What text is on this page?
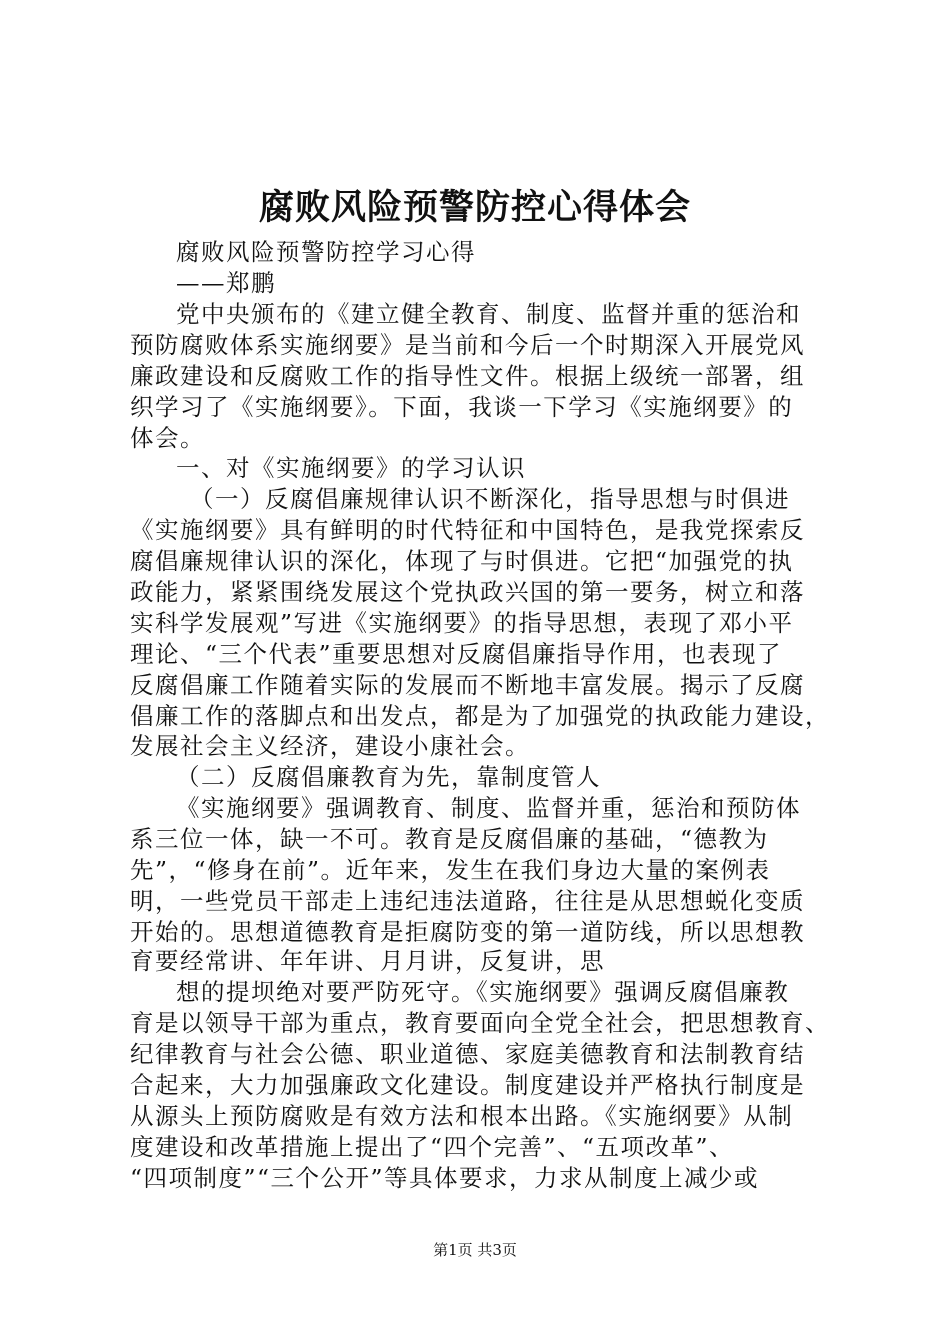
腐败风险预警防控心得体会
腐败风险预警防控学习心得
——郑鹏
党中央颁布的《建立健全教育、制度、监督并重的惩治和
预防腐败体系实施纲要》是当前和今后一个时期深入开展党风
廉政建设和反腐败工作的指导性文件。根据上级统一部署，组
织学习了《实施纲要》。下面，我谈一下学习《实施纲要》的
体会。
一、对《实施纲要》的学习认识
（一）反腐倡廉规律认识不断深化，指导思想与时俱进
《实施纲要》具有鲜明的时代特征和中国特色，是我党探索反
腐倡廉规律认识的深化，体现了与时俱进。它把“加强党的执
政能力，紧紧围绕发展这个党执政兴国的第一要务，树立和落
实科学发展观”写进《实施纲要》的指导思想，表现了邓小平
理论、“三个代表”重要思想对反腐倡廉指导作用，也表现了
反腐倡廉工作随着实际的发展而不断地丰富发展。揭示了反腐
倡廉工作的落脚点和出发点，都是为了加强党的执政能力建设，
发展社会主义经济，建设小康社会。
（二）反腐倡廉教育为先，靠制度管人
《实施纲要》强调教育、制度、监督并重，惩治和预防体
系三位一体，缺一不可。教育是反腐倡廉的基础，“德教为
先”，“修身在前”。近年来，发生在我们身边大量的案例表
明，一些党员干部走上违纪违法道路，往往是从思想蜕化变质
开始的。思想道德教育是拒腐防变的第一道防线，所以思想教
育要经常讲、年年讲、月月讲，反复讲，思
想的提坝绝对要严防死守。《实施纲要》强调反腐倡廉教
育是以领导干部为重点，教育要面向全党全社会，把思想教育、
纪律教育与社会公德、职业道德、家庭美德教育和法制教育结
合起来，大力加强廉政文化建设。制度建设并严格执行制度是
从源头上预防腐败是有效方法和根本出路。《实施纲要》从制
度建设和改革措施上提出了“四个完善”、“五项改革”、
“四项制度”“三个公开”等具体要求，力求从制度上减少或
第1页 共3页
